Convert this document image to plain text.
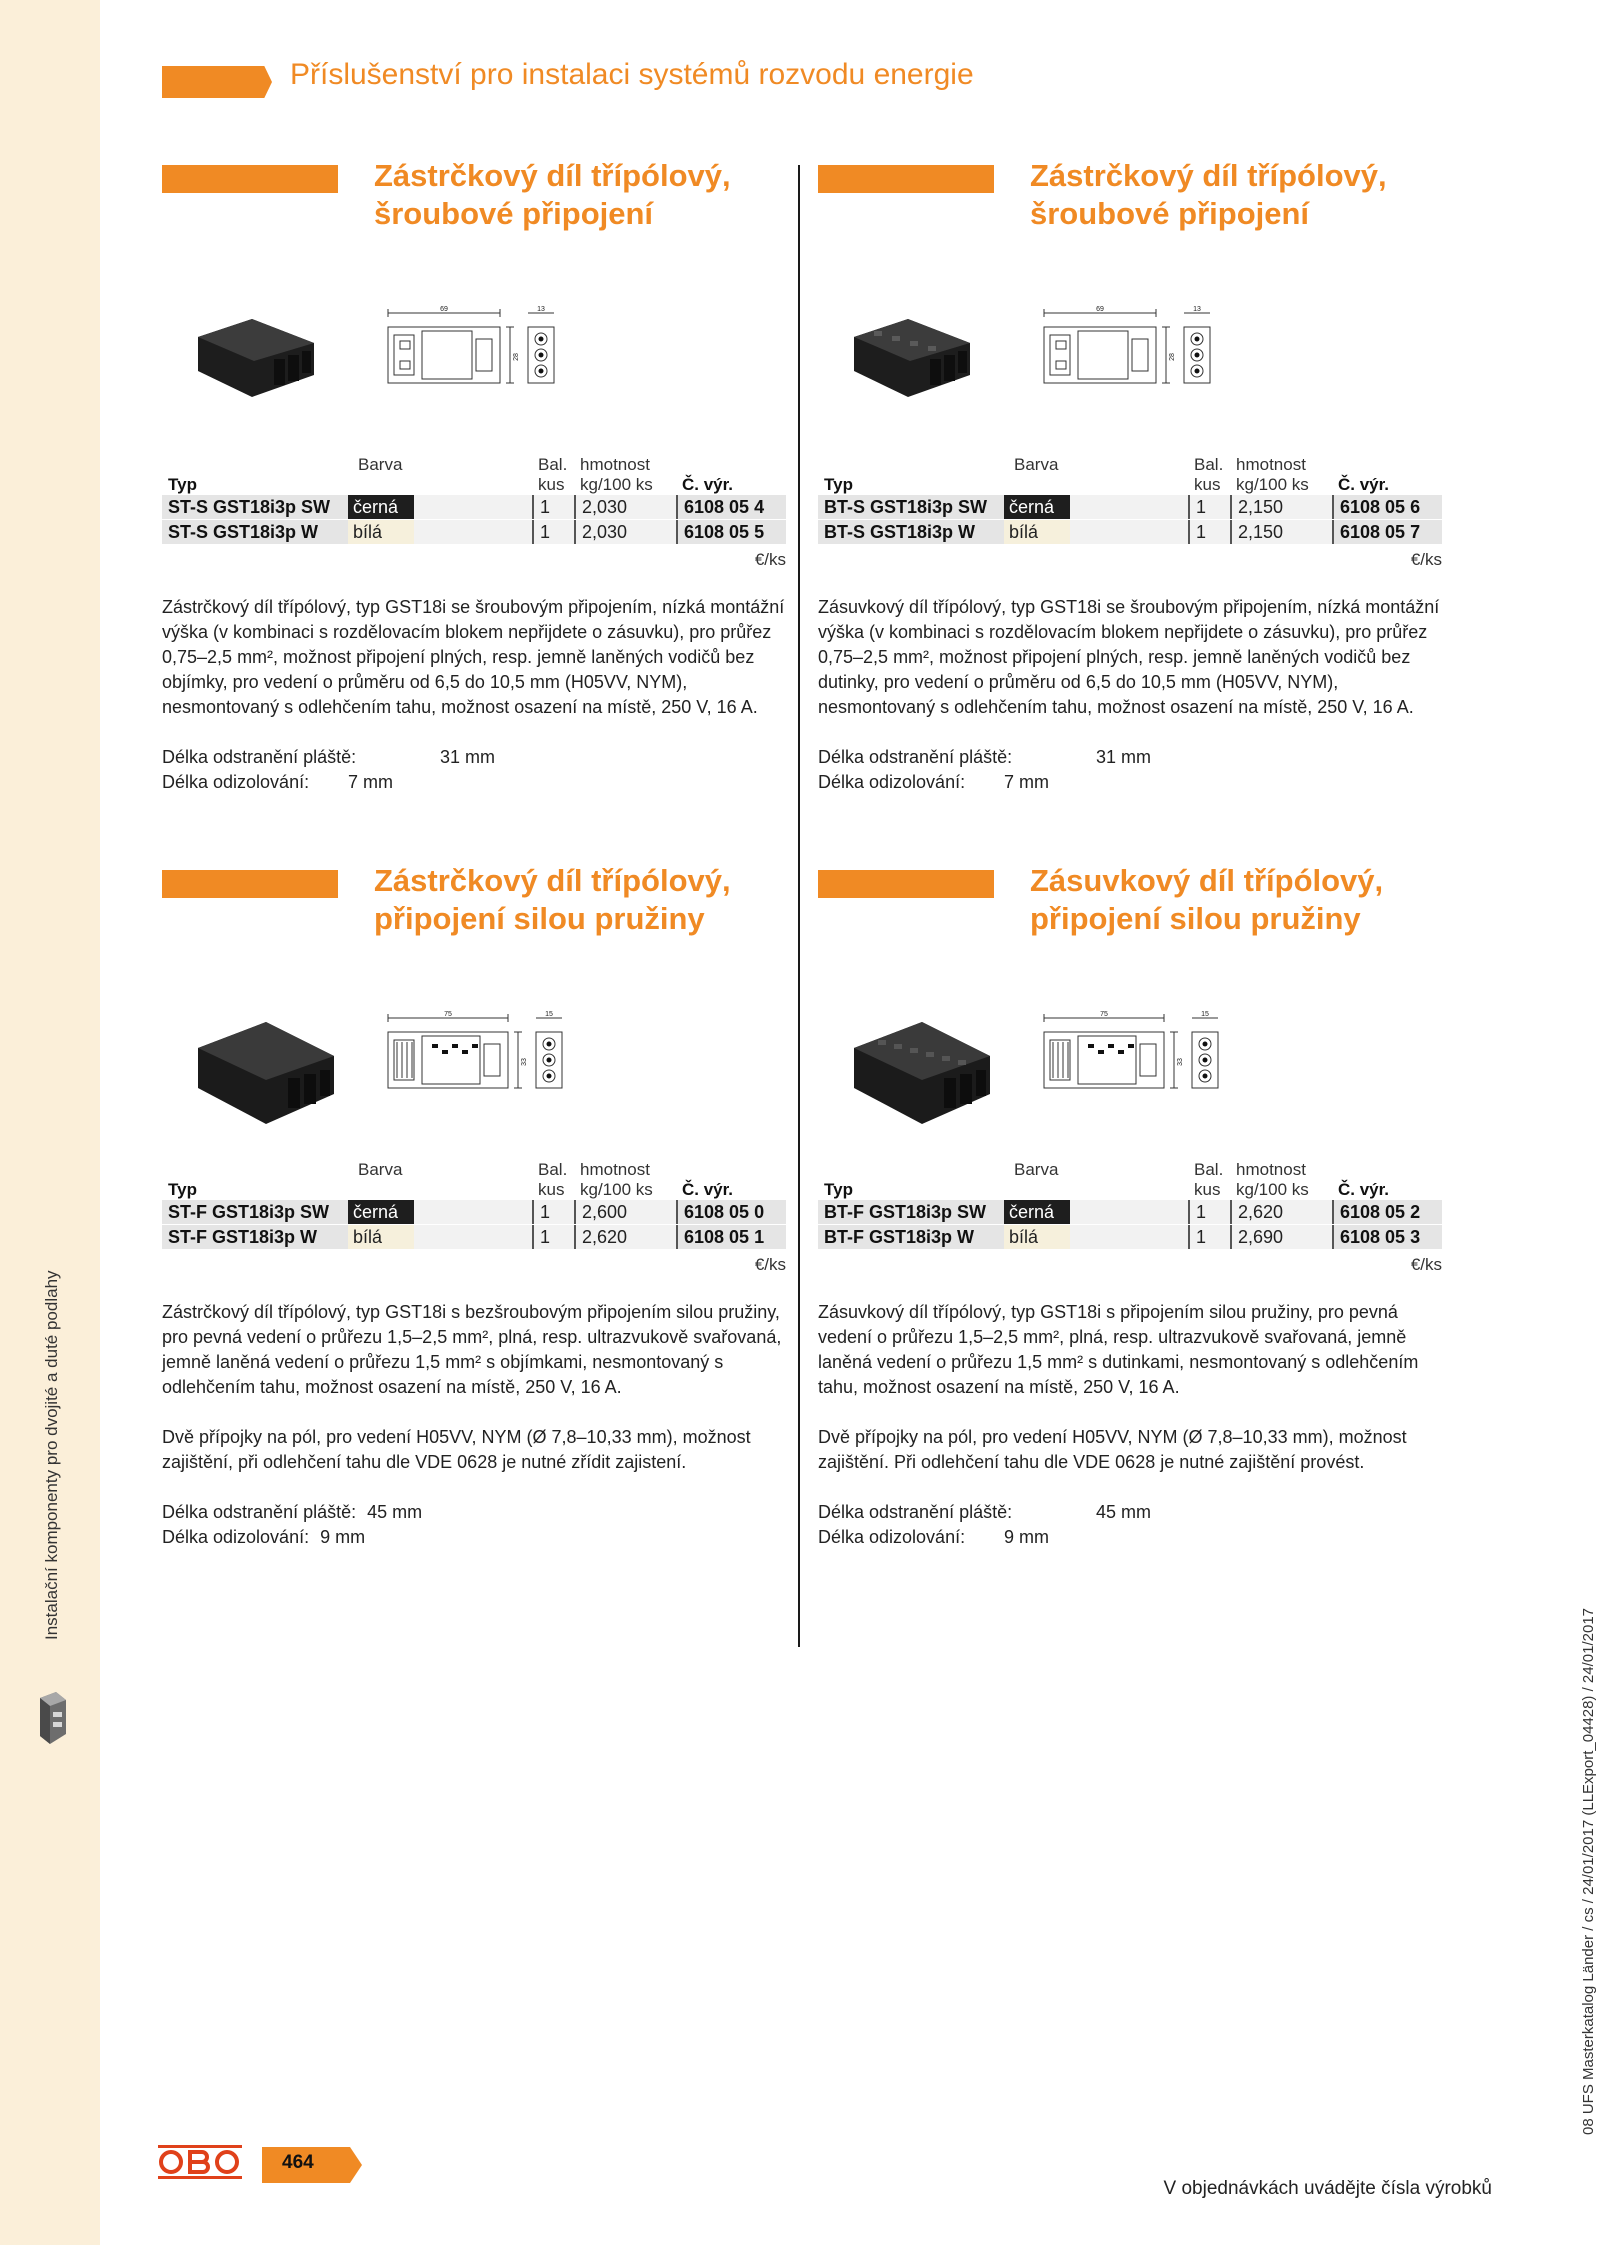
Instalační komponenty pro dvojité a duté podlahy
Příslušenství pro instalaci systémů rozvodu energie
Zástrčkový díl třípólový,
šroubové připojení
69	13
28
Barva	Bal. hmotnost
Typ	kus kg/100 ks Č. výr.
ST-S GST18i3p SW	černá	1	2,030	6108 05 4
ST-S GST18i3p W	bílá	1	2,030	6108 05 5
€/ks

Zástrčkový díl třípólový, typ GST18i se šroubovým připojením, nízká montážní výška (v kombinaci s rozdělovacím blokem nepřijdete o zásuvku), pro průřez 0,75–2,5 mm², možnost připojení plných, resp. jemně laněných vodičů bez objímky, pro vedení o průměru od 6,5 do 10,5 mm (H05VV, NYM), nesmontovaný s odlehčením tahu, možnost osazení na místě, 250 V, 16 A.

Délka odstranění pláště:	31 mm
Délka odizolování: 7 mm
Zástrčkový díl třípólový,
šroubové připojení
69	13
28
Barva	Bal. hmotnost
Typ	kus kg/100 ks Č. výr.
BT-S GST18i3p SW	černá	1	2,150	6108 05 6
BT-S GST18i3p W	bílá	1	2,150	6108 05 7
€/ks

Zásuvkový díl třípólový, typ GST18i se šroubovým připojením, nízká montážní výška (v kombinaci s rozdělovacím blokem nepřijdete o zásuvku), pro průřez 0,75–2,5 mm², možnost připojení plných, resp. jemně laněných vodičů bez dutinky, pro vedení o průměru od 6,5 do 10,5 mm (H05VV, NYM), nesmontovaný s odlehčením tahu, možnost osazení na místě, 250 V, 16 A.

Délka odstranění pláště:	31 mm
Délka odizolování: 7 mm
Zástrčkový díl třípólový,
připojení silou pružiny
75	15
33
Barva	Bal. hmotnost
Typ	kus kg/100 ks Č. výr.
ST-F GST18i3p SW	černá	1	2,600	6108 05 0
ST-F GST18i3p W	bílá	1	2,620	6108 05 1
€/ks

Zástrčkový díl třípólový, typ GST18i s bezšroubovým připojením silou pružiny, pro pevná vedení o průřezu 1,5–2,5 mm², plná, resp. ultrazvukově svařovaná, jemně laněná vedení o průřezu 1,5 mm² s objímkami, nesmontovaný s odlehčením tahu, možnost osazení na místě, 250 V, 16 A.

Dvě přípojky na pól, pro vedení H05VV, NYM (Ø 7,8–10,33 mm), možnost zajištění, při odlehčení tahu dle VDE 0628 je nutné zřídit zajistení.

Délka odstranění pláště: 45 mm
Délka odizolování: 9 mm
Zásuvkový díl třípólový,
připojení silou pružiny
75	15
33
Barva	Bal. hmotnost
Typ	kus kg/100 ks Č. výr.
BT-F GST18i3p SW	černá	1	2,620	6108 05 2
BT-F GST18i3p W	bílá	1	2,690	6108 05 3
€/ks

Zásuvkový díl třípólový, typ GST18i s připojením silou pružiny, pro pevná vedení o průřezu 1,5–2,5 mm², plná, resp. ultrazvukově svařovaná, jemně laněná vedení o průřezu 1,5 mm² s dutinkami, nesmontovaný s odlehčením tahu, možnost osazení na místě, 250 V, 16 A.

Dvě přípojky na pól, pro vedení H05VV, NYM (Ø 7,8–10,33 mm), možnost zajištění. Při odlehčení tahu dle VDE 0628 je nutné zajištění provést.

Délka odstranění pláště:	45 mm
Délka odizolování: 9 mm
464
V objednávkách uvádějte čísla výrobků
08 UFS Masterkatalog Länder / cs / 24/01/2017 (LLExport_04428) / 24/01/2017
